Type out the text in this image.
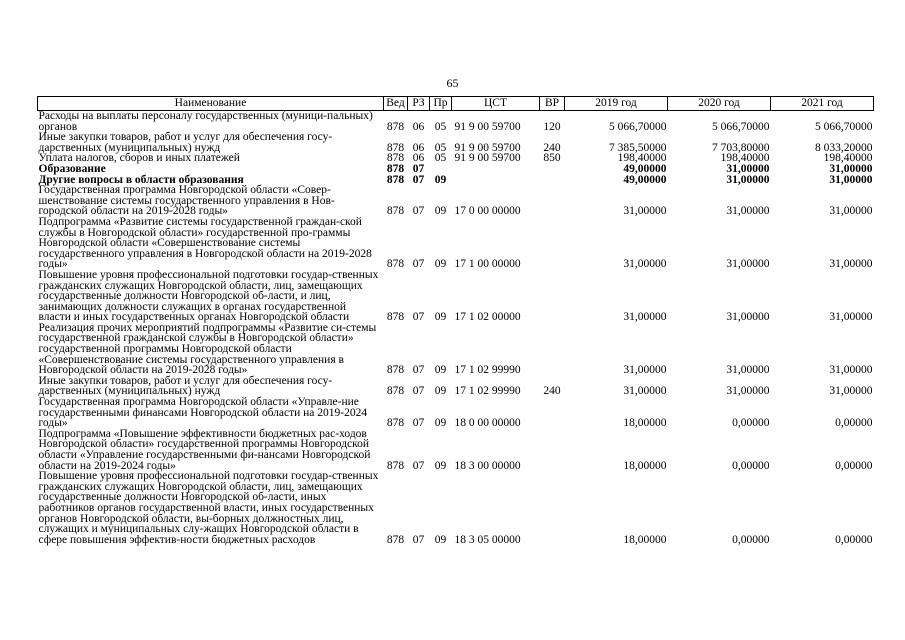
65
Наименование	Вед	РЗ	Пр	ЦСТ	ВР	2019 год	2020 год	2021 год
Расходы на выплаты персоналу государственных (муници-пальных) органов	878	06	05	91 9 00 59700	120	5 066,70000	5 066,70000	5 066,70000
Иные закупки товаров, работ и услуг для обеспечения госу-дарственных (муниципальных) нужд	878	06	05	91 9 00 59700	240	7 385,50000	7 703,80000	8 033,20000
Уплата налогов, сборов и иных платежей	878	06	05	91 9 00 59700	850	198,40000	198,40000	198,40000
Образование	878	07				49,00000	31,00000	31,00000
Другие вопросы в области образования	878	07	09			49,00000	31,00000	31,00000
Государственная программа Новгородской области «Совер-шенствование системы государственного управления в Нов-городской области на 2019-2028 годы»	878	07	09	17 0 00 00000		31,00000	31,00000	31,00000
Подпрограмма «Развитие системы государственной граждан-ской службы в Новгородской области» государственной про-граммы Новгородской области «Совершенствование системы государственного управления в Новгородской области на 2019-2028 годы»	878	07	09	17 1 00 00000		31,00000	31,00000	31,00000
Повышение уровня профессиональной подготовки государ-ственных гражданских служащих Новгородской области, лиц, замещающих государственные должности Новгородской об-ласти, и лиц, занимающих должности служащих в органах государственной власти и иных государственных органах Новгородской области	878	07	09	17 1 02 00000		31,00000	31,00000	31,00000
Реализация прочих мероприятий подпрограммы «Развитие си-стемы государственной гражданской службы в Новгородской области» государственной программы Новгородской области «Совершенствование системы государственного управления в Новгородской области на 2019-2028 годы»	878	07	09	17 1 02 99990		31,00000	31,00000	31,00000
Иные закупки товаров, работ и услуг для обеспечения госу-дарственных (муниципальных) нужд	878	07	09	17 1 02 99990	240	31,00000	31,00000	31,00000
Государственная программа Новгородской области «Управле-ние государственными финансами Новгородской области на 2019-2024 годы»	878	07	09	18 0 00 00000		18,00000	0,00000	0,00000
Подпрограмма «Повышение эффективности бюджетных рас-ходов Новгородской области» государственной программы Новгородской области «Управление государственными фи-нансами Новгородской области на 2019-2024 годы»	878	07	09	18 3 00 00000		18,00000	0,00000	0,00000
Повышение уровня профессиональной подготовки государ-ственных гражданских служащих Новгородской области, лиц, замещающих государственные должности Новгородской об-ласти, иных работников органов государственной власти, иных государственных органов Новгородской области, вы-борных должностных лиц, служащих и муниципальных слу-жащих Новгородской области в сфере повышения эффектив-ности бюджетных расходов	878	07	09	18 3 05 00000		18,00000	0,00000	0,00000
